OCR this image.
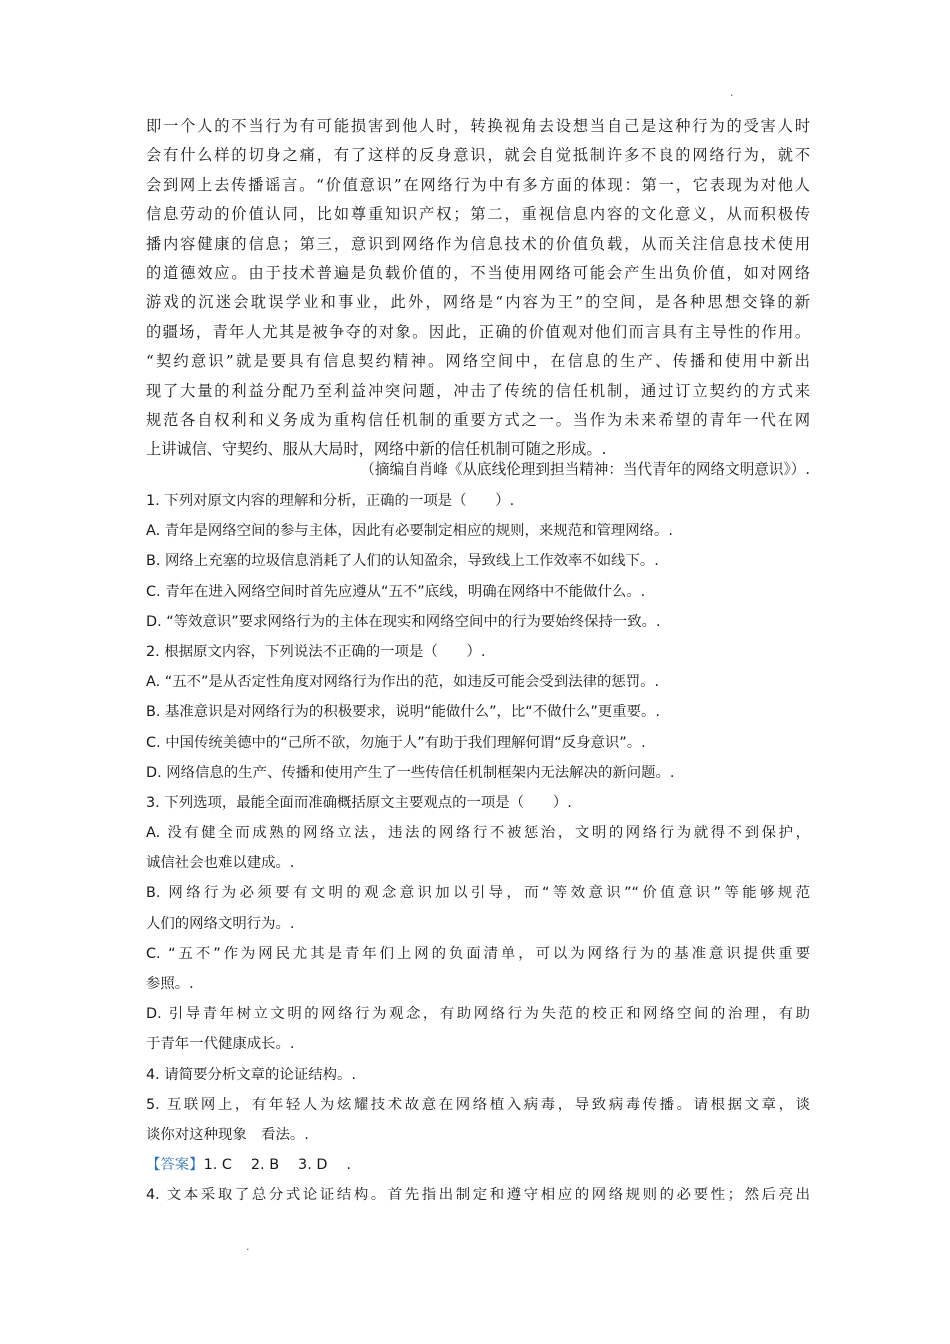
.
即一个人的不当行为有可能损害到他人时，转换视角去设想当自己是这种行为的受害人时
会有什么样的切身之痛，有了这样的反身意识，就会自觉抵制许多不良的网络行为，就不
会到网上去传播谣言。“价值意识”在网络行为中有多方面的体现：第一，它表现为对他人
信息劳动的价值认同，比如尊重知识产权；第二，重视信息内容的文化意义，从而积极传
播内容健康的信息；第三，意识到网络作为信息技术的价值负载，从而关注信息技术使用
的道德效应。由于技术普遍是负载价值的，不当使用网络可能会产生出负价值，如对网络
游戏的沉迷会耽误学业和事业，此外，网络是“内容为王”的空间，是各种思想交锋的新
的疆场，青年人尤其是被争夺的对象。因此，正确的价值观对他们而言具有主导性的作用。
“契约意识”就是要具有信息契约精神。网络空间中，在信息的生产、传播和使用中新出
现了大量的利益分配乃至利益冲突问题，冲击了传统的信任机制，通过订立契约的方式来
规范各自权利和义务成为重构信任机制的重要方式之一。当作为未来希望的青年一代在网
上讲诚信、守契约、服从大局时，网络中新的信任机制可随之形成。.
（摘编自肖峰《从底线伦理到担当精神：当代青年的网络文明意识》）.
1. 下列对原文内容的理解和分析，正确的一项是（　　）.
A. 青年是网络空间的参与主体，因此有必要制定相应的规则，来规范和管理网络。.
B. 网络上充塞的垃圾信息消耗了人们的认知盈余，导致线上工作效率不如线下。.
C. 青年在进入网络空间时首先应遵从“五不”底线，明确在网络中不能做什么。.
D. “等效意识”要求网络行为的主体在现实和网络空间中的行为要始终保持一致。.
2. 根据原文内容，下列说法不正确的一项是（　　）.
A. “五不”是从否定性角度对网络行为作出的范，如违反可能会受到法律的惩罚。.
B. 基准意识是对网络行为的积极要求，说明“能做什么”，比“不做什么”更重要。.
C. 中国传统美德中的“己所不欲，勿施于人”有助于我们理解何谓“反身意识”。.
D. 网络信息的生产、传播和使用产生了一些传信任机制框架内无法解决的新问题。.
3. 下列选项，最能全面而准确概括原文主要观点的一项是（　　）.
A. 没有健全而成熟的网络立法，违法的网络行不被惩治，文明的网络行为就得不到保护，
诚信社会也难以建成。.
B. 网络行为必须要有文明的观念意识加以引导，而“等效意识”“价值意识”等能够规范
人们的网络文明行为。.
C. “五不”作为网民尤其是青年们上网的负面清单，可以为网络行为的基准意识提供重要
参照。.
D. 引导青年树立文明的网络行为观念，有助网络行为失范的校正和网络空间的治理，有助
于青年一代健康成长。.
4. 请简要分析文章的论证结构。.
5. 互联网上，有年轻人为炫耀技术故意在网络植入病毒，导致病毒传播。请根据文章，谈
谈你对这种现象　看法。.
【答案】1. C　 2. B　 3. D　 .
4. 文本采取了总分式论证结构。首先指出制定和遵守相应的网络规则的必要性；然后亮出
.
